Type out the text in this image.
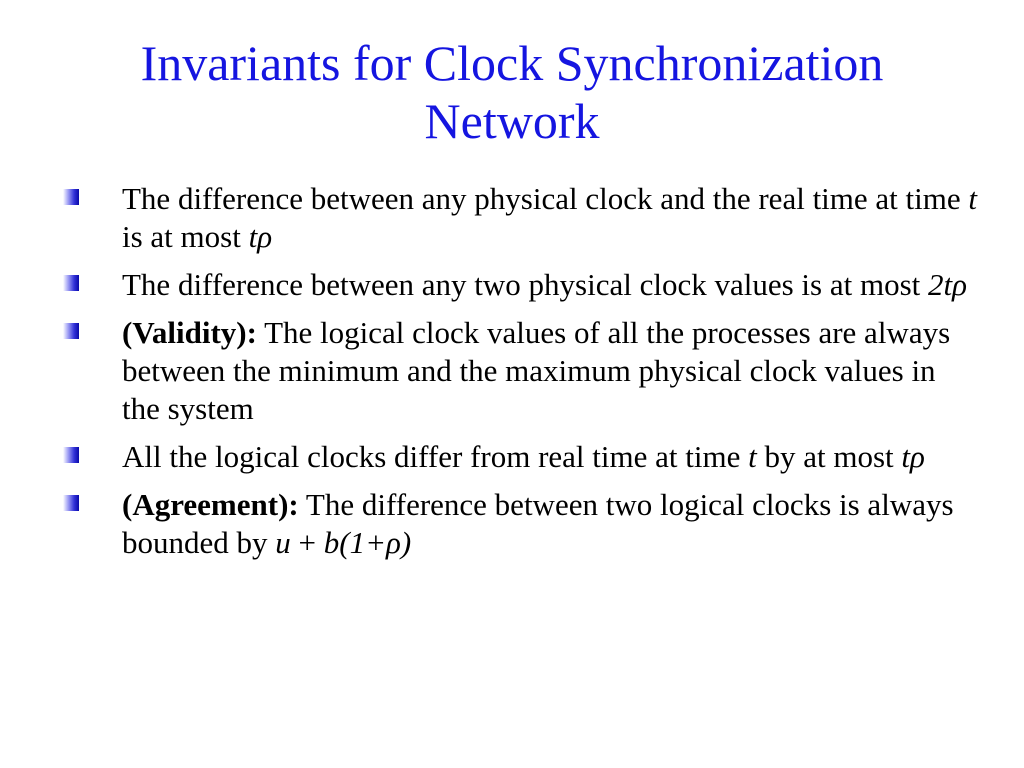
Invariants for Clock Synchronization
Network
The difference between any physical clock and the real time at time t is at most tρ
The difference between any two physical clock values is at most 2tρ
(Validity): The logical clock values of all the processes are always between the minimum and the maximum physical clock values in the system
All the logical clocks differ from real time at time t by at most tρ
(Agreement): The difference between two logical clocks is always bounded by u + b(1+ρ)
